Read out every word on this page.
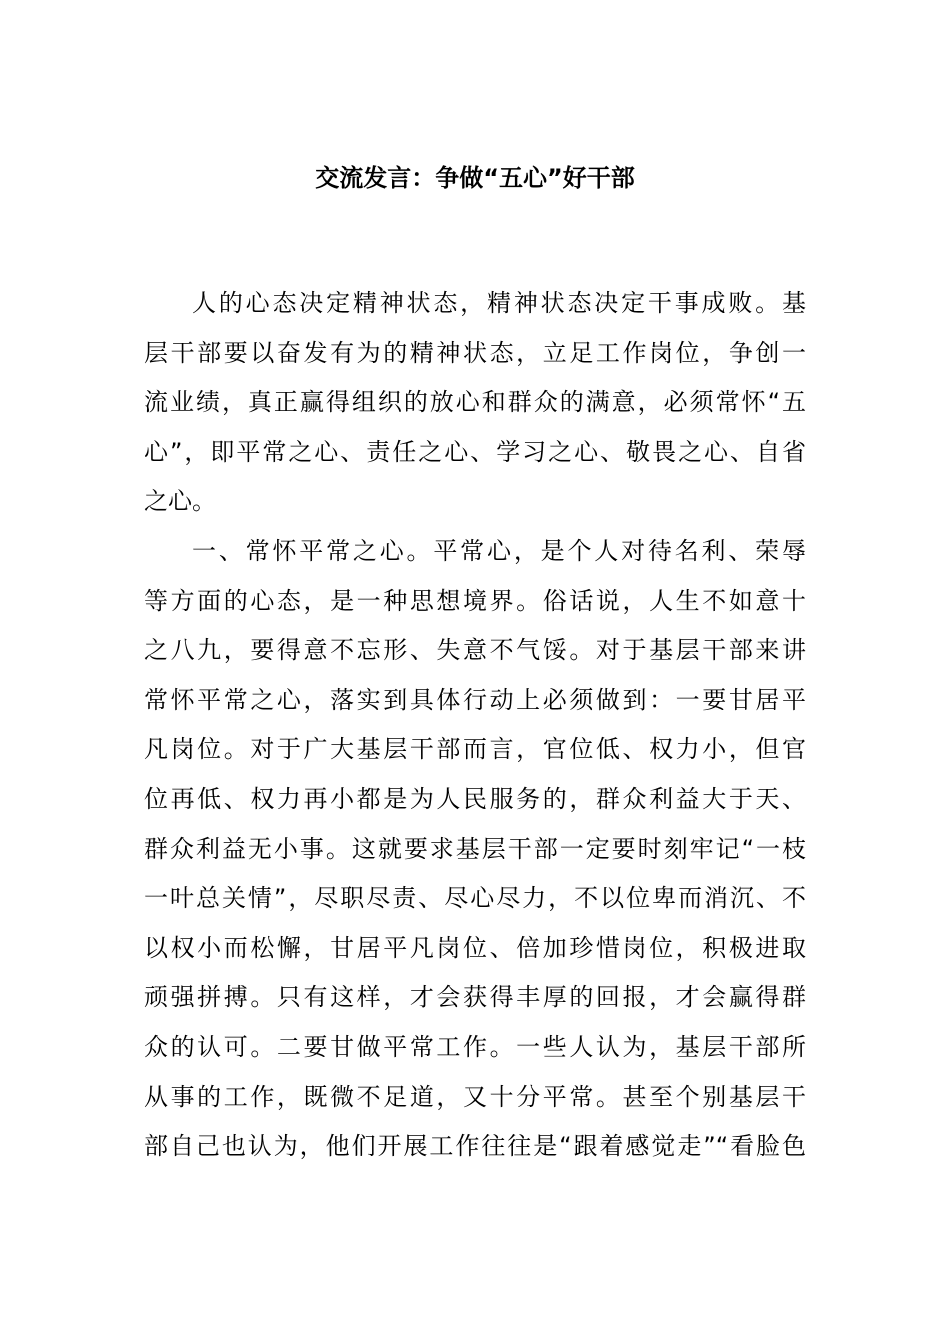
交流发言：争做“五心”好干部
人的心态决定精神状态，精神状态决定干事成败。基
层干部要以奋发有为的精神状态，立足工作岗位，争创一
流业绩，真正赢得组织的放心和群众的满意，必须常怀“五
心”，即平常之心、责任之心、学习之心、敬畏之心、自省
之心。
一、常怀平常之心。平常心，是个人对待名利、荣辱
等方面的心态，是一种思想境界。俗话说，人生不如意十
之八九，要得意不忘形、失意不气馁。对于基层干部来讲
常怀平常之心，落实到具体行动上必须做到：一要甘居平
凡岗位。对于广大基层干部而言，官位低、权力小，但官
位再低、权力再小都是为人民服务的，群众利益大于天、
群众利益无小事。这就要求基层干部一定要时刻牢记“一枝
一叶总关情”，尽职尽责、尽心尽力，不以位卑而消沉、不
以权小而松懈，甘居平凡岗位、倍加珍惜岗位，积极进取
顽强拼搏。只有这样，才会获得丰厚的回报，才会赢得群
众的认可。二要甘做平常工作。一些人认为，基层干部所
从事的工作，既微不足道，又十分平常。甚至个别基层干
部自己也认为，他们开展工作往往是“跟着感觉走”“看脸色
